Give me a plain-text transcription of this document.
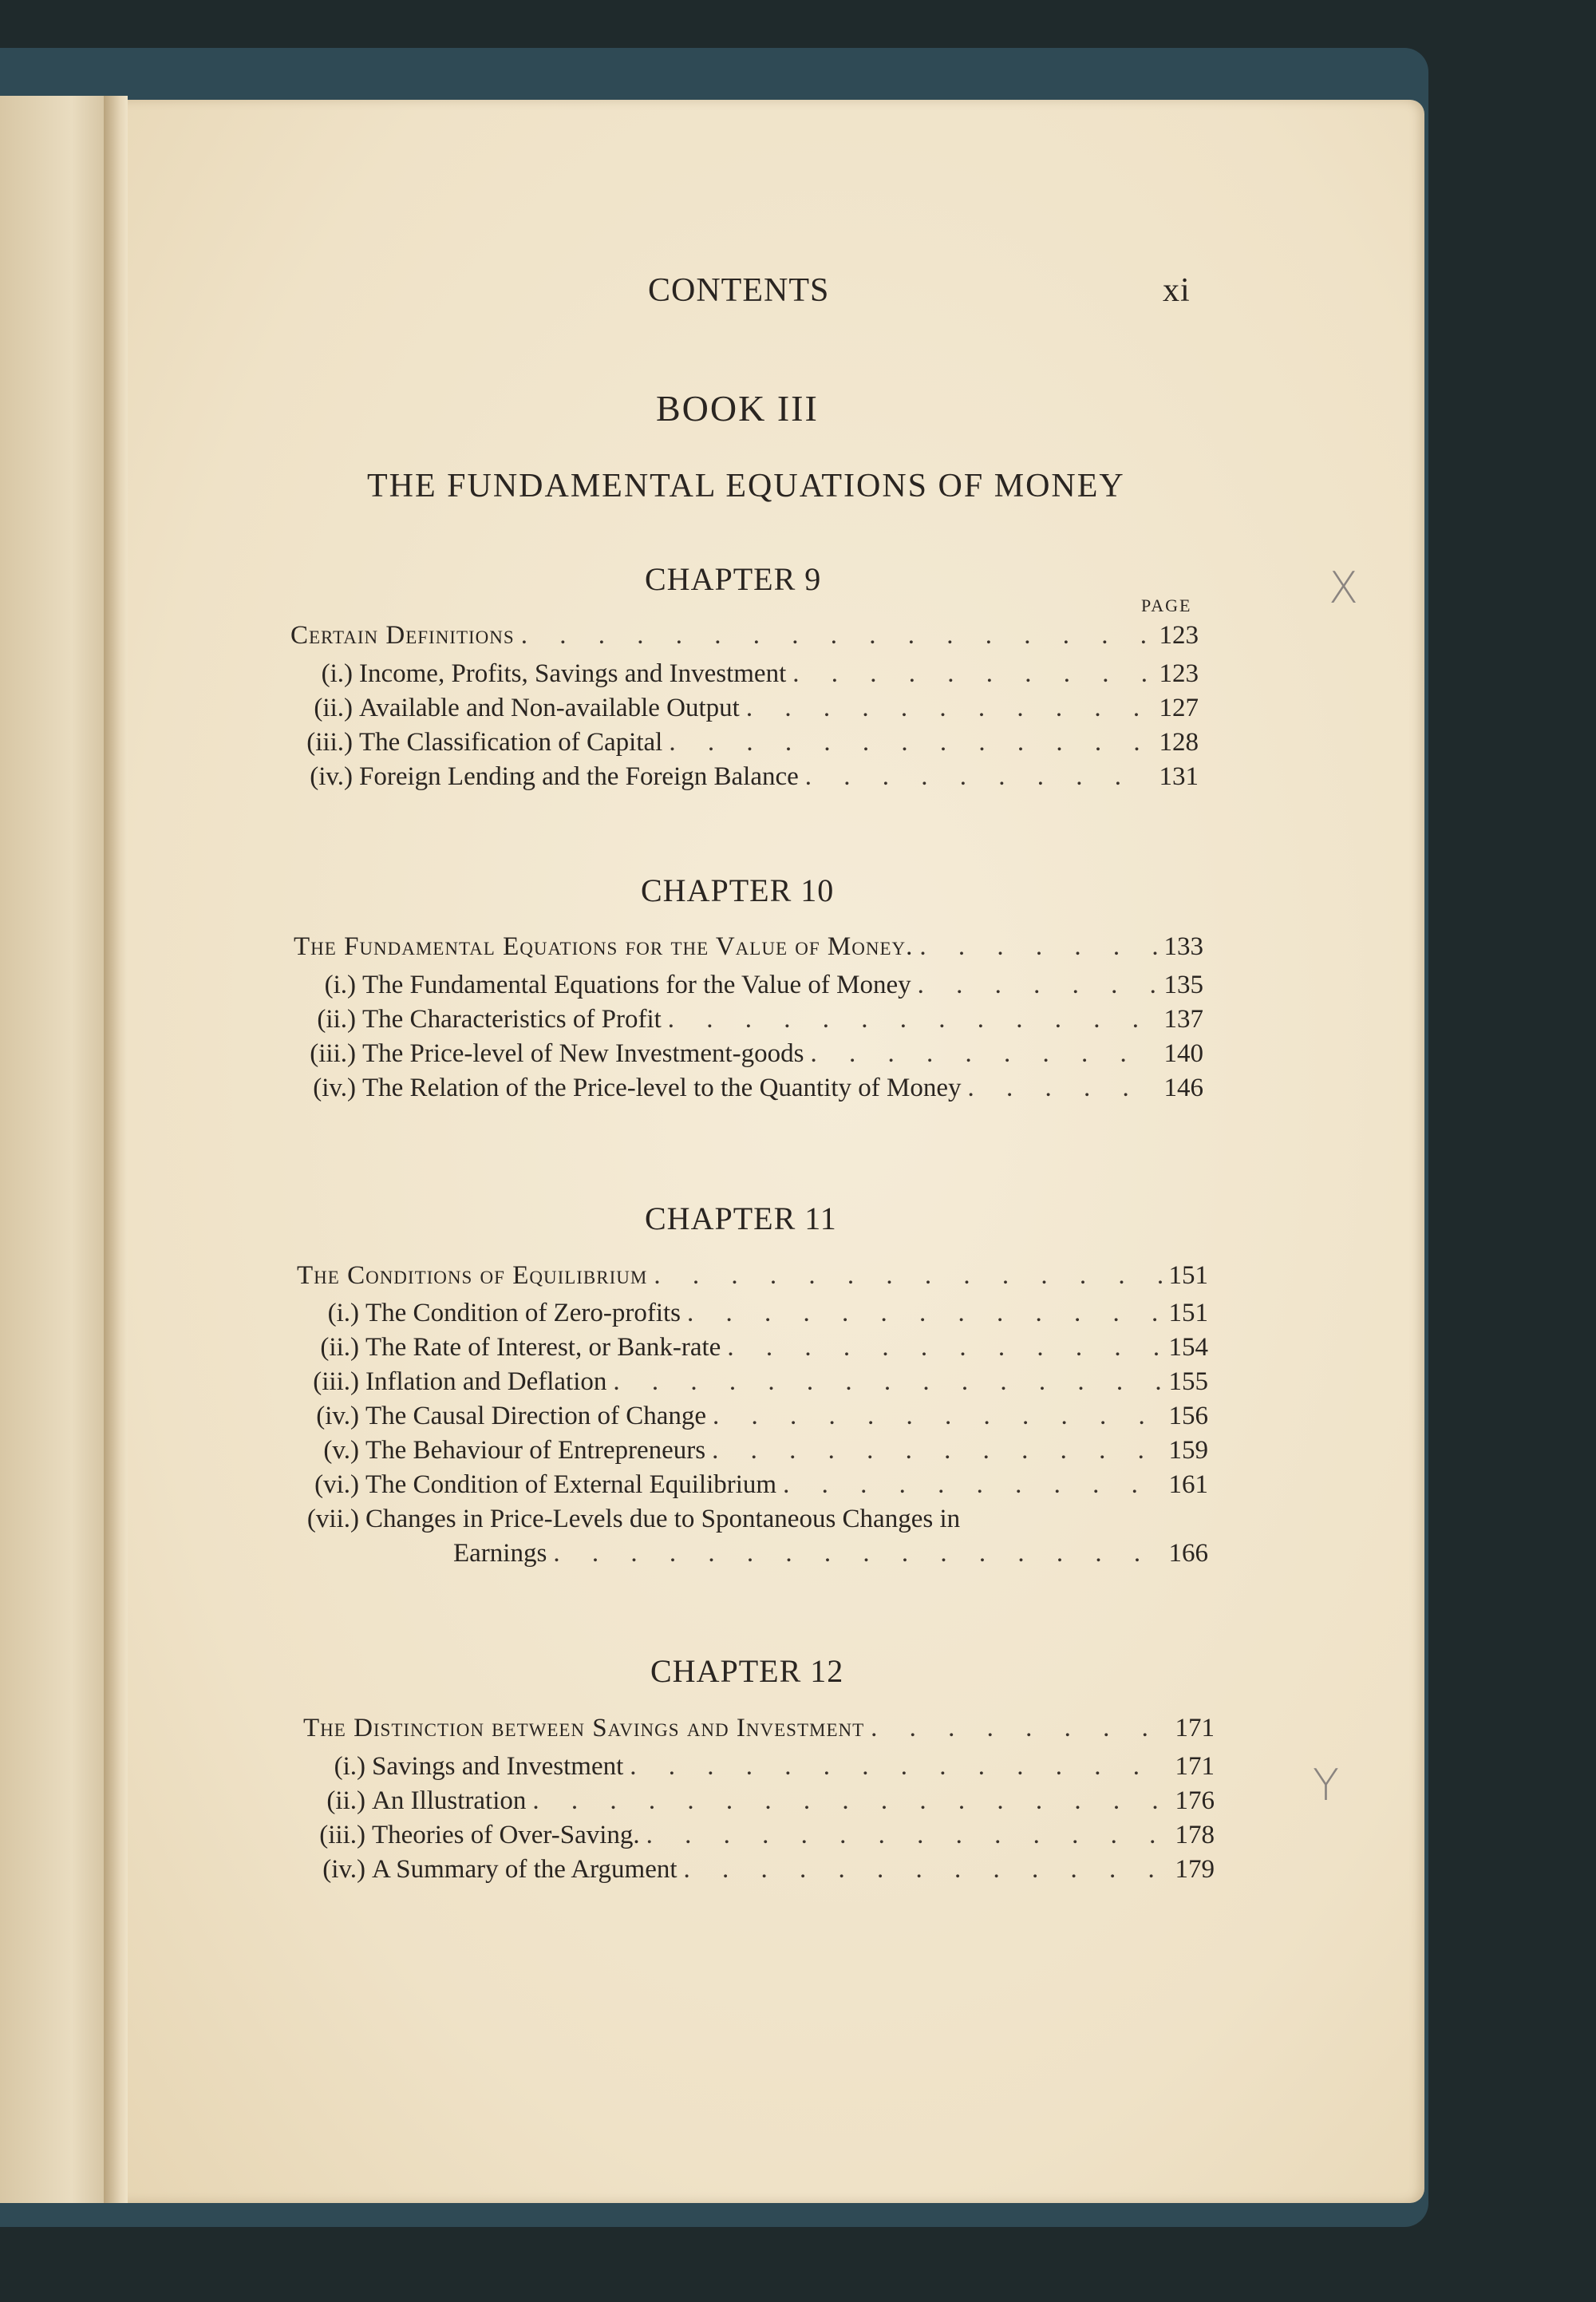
CONTENTS	xi
BOOK III
THE FUNDAMENTAL EQUATIONS OF MONEY
CHAPTER 9
PAGE
Certain Definitions . . .	123
(i.) Income, Profits, Savings and Investment . . .	123
(ii.) Available and Non-available Output . . .	127
(iii.) The Classification of Capital . . .	128
(iv.) Foreign Lending and the Foreign Balance . . .	131
CHAPTER 10
The Fundamental Equations for the Value of Money. . . .	133
(i.) The Fundamental Equations for the Value of Money . . .	135
(ii.) The Characteristics of Profit . . .	137
(iii.) The Price-level of New Investment-goods . . .	140
(iv.) The Relation of the Price-level to the Quantity of Money . . .	146
CHAPTER 11
The Conditions of Equilibrium . . .	151
(i.) The Condition of Zero-profits . . .	151
(ii.) The Rate of Interest, or Bank-rate . . .	154
(iii.) Inflation and Deflation . . .	155
(iv.) The Causal Direction of Change . . .	156
(v.) The Behaviour of Entrepreneurs . . .	159
(vi.) The Condition of External Equilibrium . . .	161
(vii.) Changes in Price-Levels due to Spontaneous Changes in
Earnings . . .	166
CHAPTER 12
The Distinction between Savings and Investment . . .	171
(i.) Savings and Investment . . .	171
(ii.) An Illustration . . .	176
(iii.) Theories of Over-Saving. . . .	178
(iv.) A Summary of the Argument . . .	179
X
Y
